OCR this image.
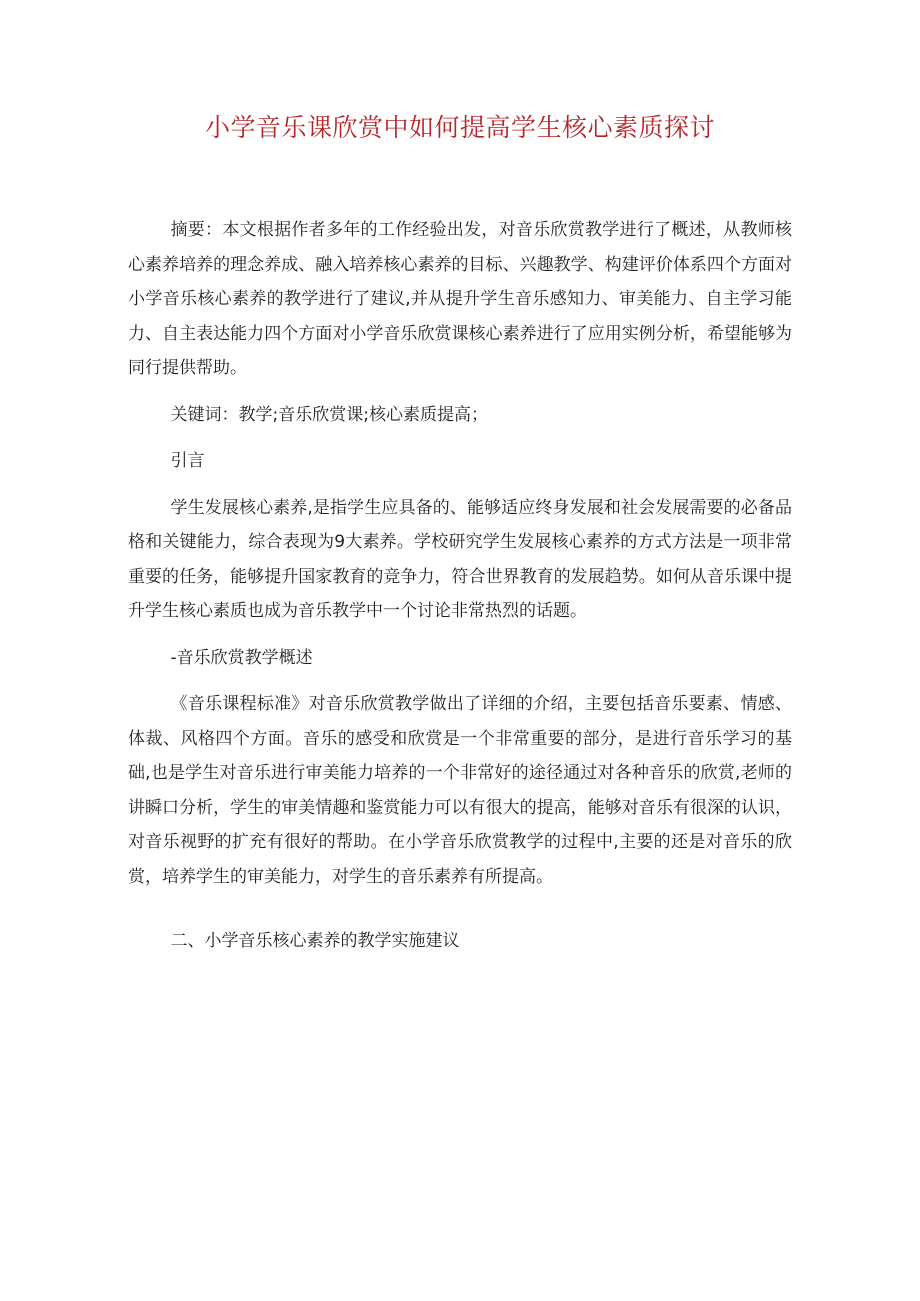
小学音乐课欣赏中如何提高学生核心素质探讨

摘要：本文根据作者多年的工作经验出发，对音乐欣赏教学进行了概述，从教师核心素养培养的理念养成、融入培养核心素养的目标、兴趣教学、构建评价体系四个方面对小学音乐核心素养的教学进行了建议,并从提升学生音乐感知力、审美能力、自主学习能力、自主表达能力四个方面对小学音乐欣赏课核心素养进行了应用实例分析，希望能够为同行提供帮助。

关键词：教学;音乐欣赏课;核心素质提高；

引言

学生发展核心素养,是指学生应具备的、能够适应终身发展和社会发展需要的必备品格和关键能力，综合表现为9大素养。学校研究学生发展核心素养的方式方法是一项非常重要的任务，能够提升国家教育的竞争力，符合世界教育的发展趋势。如何从音乐课中提升学生核心素质也成为音乐教学中一个讨论非常热烈的话题。

-音乐欣赏教学概述

《音乐课程标准》对音乐欣赏教学做出了详细的介绍，主要包括音乐要素、情感、体裁、风格四个方面。音乐的感受和欣赏是一个非常重要的部分，是进行音乐学习的基础,也是学生对音乐进行审美能力培养的一个非常好的途径通过对各种音乐的欣赏,老师的讲瞬口分析，学生的审美情趣和鉴赏能力可以有很大的提高，能够对音乐有很深的认识，对音乐视野的扩充有很好的帮助。在小学音乐欣赏教学的过程中,主要的还是对音乐的欣赏，培养学生的审美能力，对学生的音乐素养有所提高。

二、小学音乐核心素养的教学实施建议
